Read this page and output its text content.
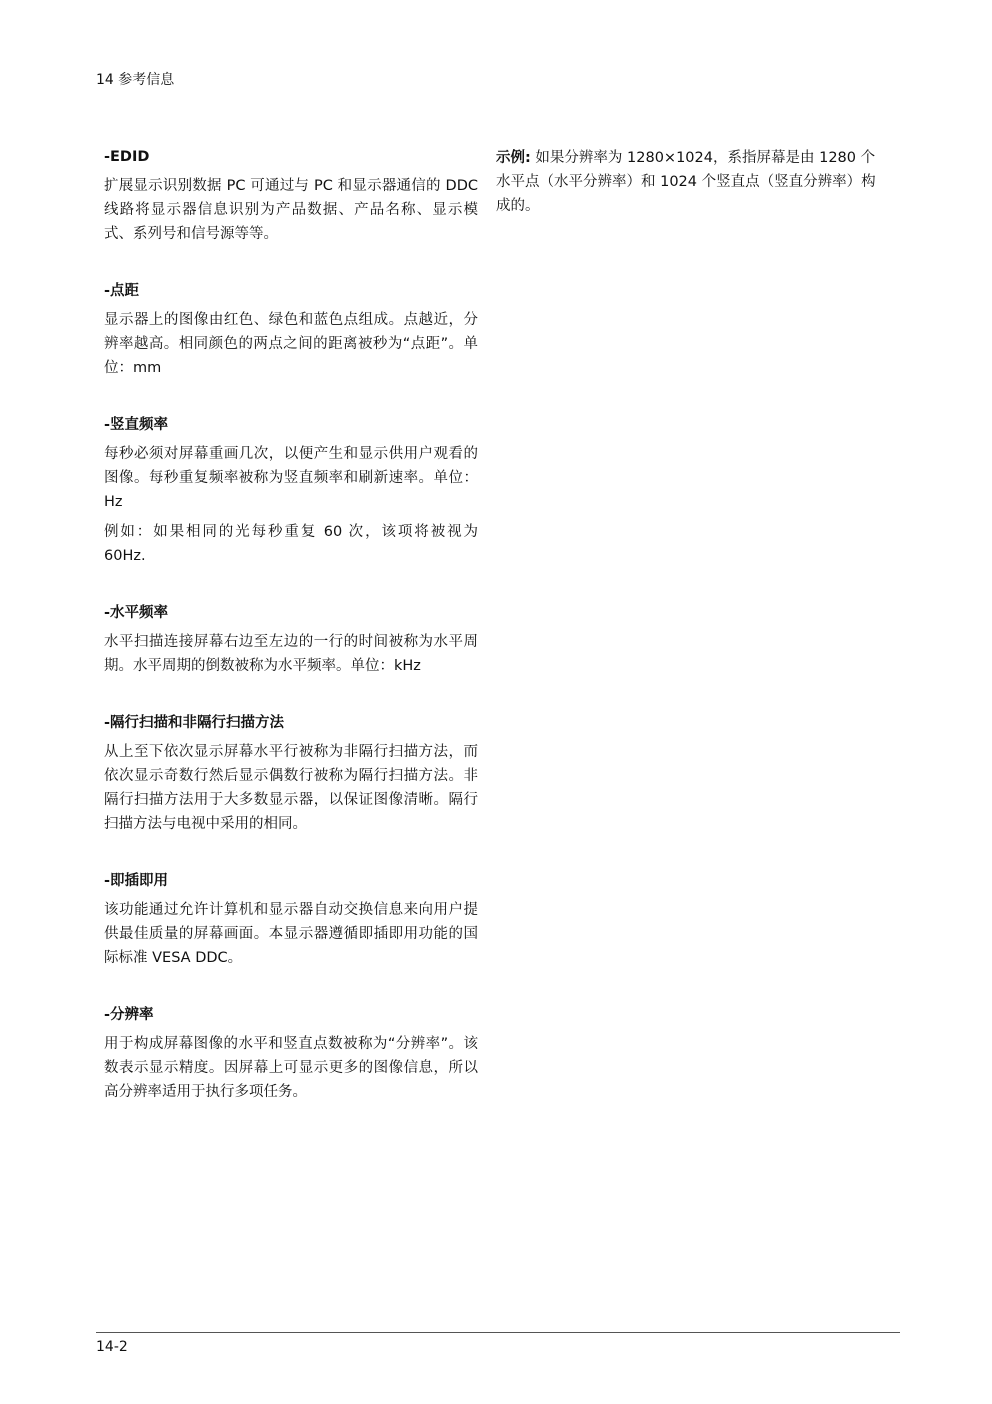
14 参考信息
-EDID
扩展显示识别数据 PC 可通过与 PC 和显示器通信的 DDC 线路将显示器信息识别为产品数据、产品名称、显示模式、系列号和信号源等等。
-点距
显示器上的图像由红色、绿色和蓝色点组成。点越近，分辨率越高。相同颜色的两点之间的距离被秒为“点距”。单位：mm
-竖直频率
每秒必须对屏幕重画几次，以便产生和显示供用户观看的图像。每秒重复频率被称为竖直频率和刷新速率。单位：Hz
例如：如果相同的光每秒重复 60 次，该项将被视为 60Hz.
-水平频率
水平扫描连接屏幕右边至左边的一行的时间被称为水平周期。水平周期的倒数被称为水平频率。单位：kHz
-隔行扫描和非隔行扫描方法
从上至下依次显示屏幕水平行被称为非隔行扫描方法，而依次显示奇数行然后显示偶数行被称为隔行扫描方法。非隔行扫描方法用于大多数显示器，以保证图像清晰。隔行扫描方法与电视中采用的相同。
-即插即用
该功能通过允许计算机和显示器自动交换信息来向用户提供最佳质量的屏幕画面。本显示器遵循即插即用功能的国际标准 VESA DDC。
-分辨率
用于构成屏幕图像的水平和竖直点数被称为“分辨率”。该数表示显示精度。因屏幕上可显示更多的图像信息，所以高分辨率适用于执行多项任务。
示例: 如果分辨率为 1280×1024，系指屏幕是由 1280 个水平点（水平分辨率）和 1024 个竖直点（竖直分辨率）构成的。
14-2
